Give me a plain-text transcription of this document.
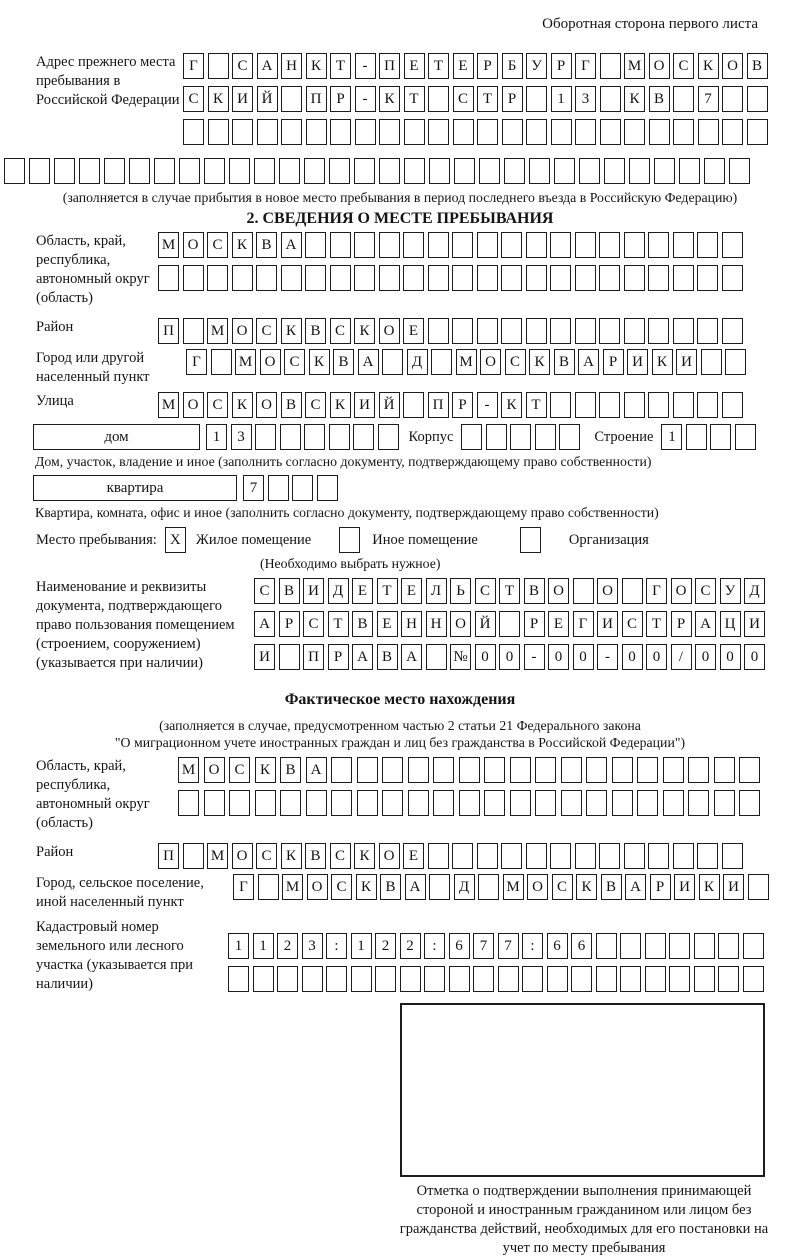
Оборотная сторона первого листа
Адрес прежнего места пребывания в Российской Федерации
Г	С А Н К Т	-	П Е	Т	Е	Р	Б У	Р	Г	М О С К О В
С К И Й	П Р	-	К Т	С Т	Р	1	3	К В	7
(заполняется в случае прибытия в новое место пребывания в период последнего въезда в Российскую Федерацию)
2. СВЕДЕНИЯ О МЕСТЕ ПРЕБЫВАНИЯ
Область, край, республика, автономный округ (область)
М О С К В А
Район	П	М О С К В С К О Е
Город или другой населенный пункт
Г	М О С К В А	Д	М О С К В А Р И К И
Улица	М О С К О В С К И Й	П Р	-	К Т
дом	1	3	Корпус	Строение 1
Дом, участок, владение и иное (заполнить согласно документу, подтверждающему право собственности)
квартира	7
Квартира, комната, офис и иное (заполнить согласно документу, подтверждающему право собственности)
Место пребывания: X	Жилое помещение	Иное помещение	Организация
(Необходимо выбрать нужное)
Наименование и реквизиты документа, подтверждающего право пользования помещением (строением, сооружением) (указывается при наличии)
С В И Д Е	Т	Е Л	Ь	С Т В О	О	Г О С У Д
А Р	С Т В Е Н Н О Й	Р	Е	Г И С Т	Р А Ц И
И	П Р А В А	№ 0	0	-	0	0	-	0	0	/	0	0	0
Фактическое место нахождения
(заполняется в случае, предусмотренном частью 2 статьи 21 Федерального закона
"О миграционном учете иностранных граждан и лиц без гражданства в Российской Федерации")
Область, край, республика, автономный округ (область)
М О	С	К	В	А
Район	П	М О С К В С К О Е
Город, сельское поселение, иной населенный пункт
Г	М О С К В А	Д	М О С К В А Р И К И
Кадастровый номер земельного или лесного участка (указывается при наличии)
1	1	2	3	:	1	2	2	:	6	7	7	:	6	6
Отметка о подтверждении выполнения принимающей стороной и иностранным гражданином или лицом без гражданства действий, необходимых для его постановки на учет по месту пребывания
